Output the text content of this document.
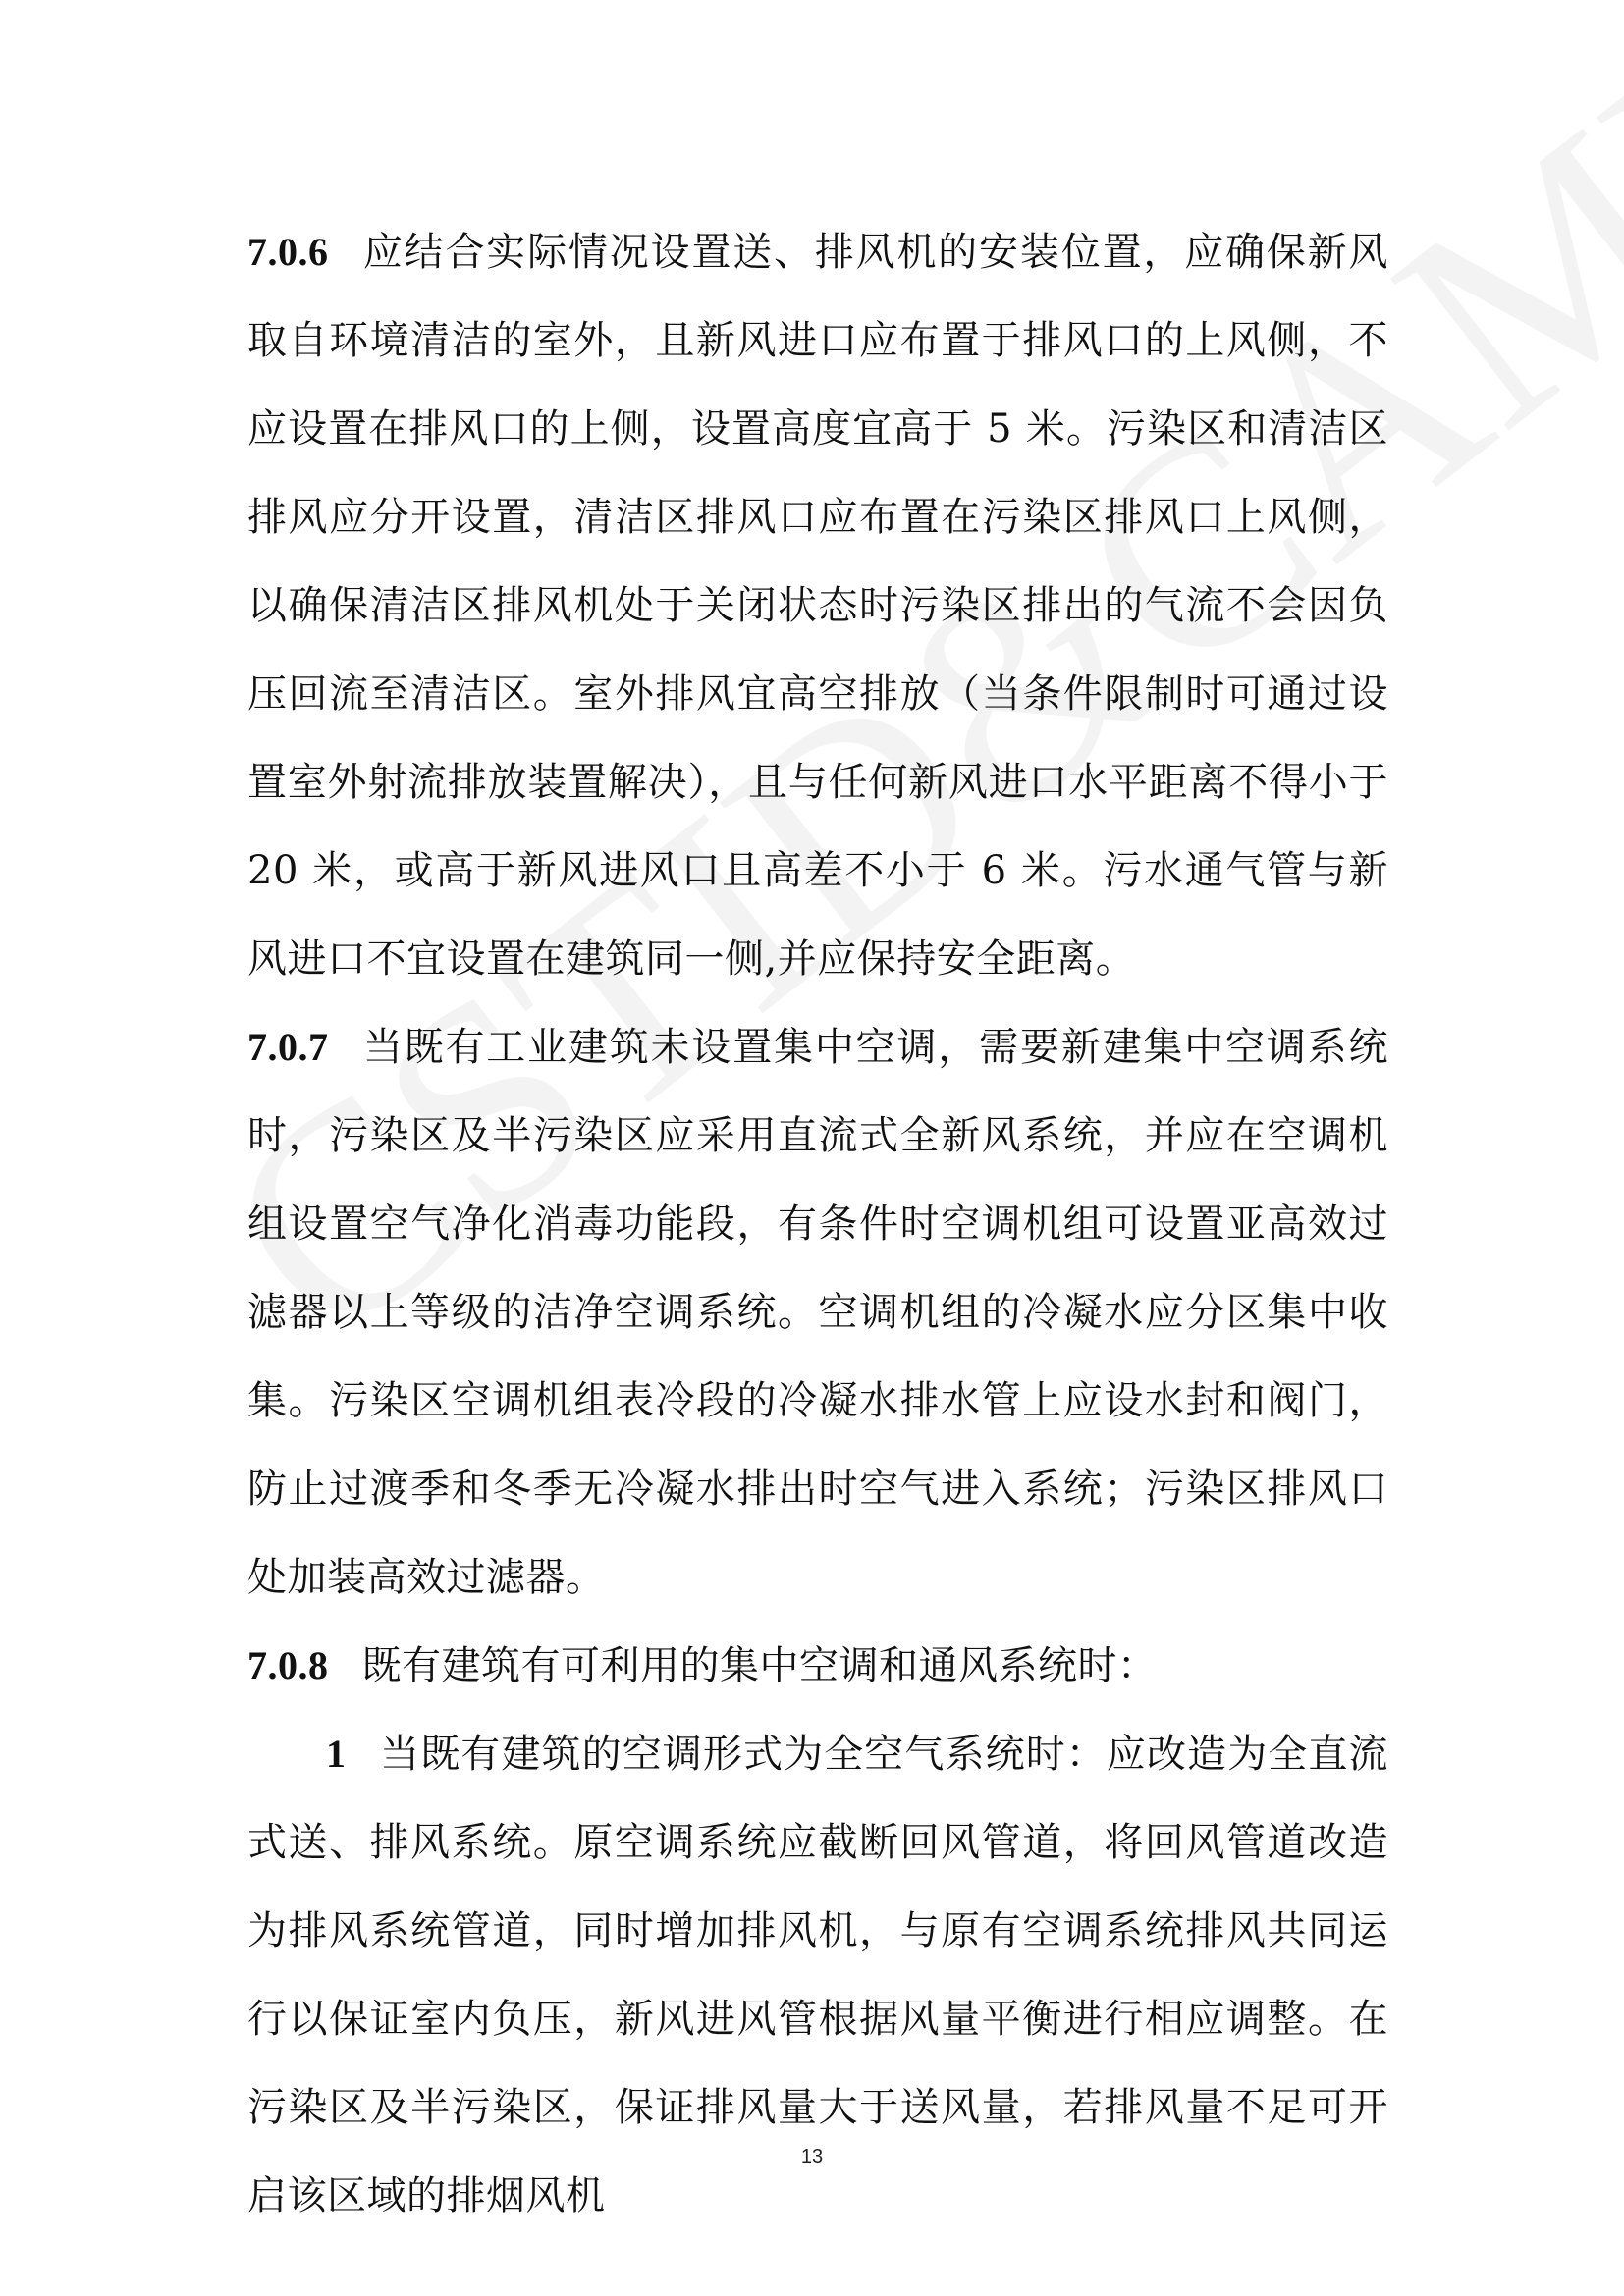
7.0.6 应结合实际情况设置送、排风机的安装位置，应确保新风取自环境清洁的室外，且新风进口应布置于排风口的上风侧，不应设置在排风口的上侧，设置高度宜高于 5 米。污染区和清洁区排风应分开设置，清洁区排风口应布置在污染区排风口上风侧，以确保清洁区排风机处于关闭状态时污染区排出的气流不会因负压回流至清洁区。室外排风宜高空排放（当条件限制时可通过设置室外射流排放装置解决），且与任何新风进口水平距离不得小于 20 米，或高于新风进风口且高差不小于 6 米。污水通气管与新风进口不宜设置在建筑同一侧,并应保持安全距离。

7.0.7 当既有工业建筑未设置集中空调，需要新建集中空调系统时，污染区及半污染区应采用直流式全新风系统，并应在空调机组设置空气净化消毒功能段，有条件时空调机组可设置亚高效过滤器以上等级的洁净空调系统。空调机组的冷凝水应分区集中收集。污染区空调机组表冷段的冷凝水排水管上应设水封和阀门，防止过渡季和冬季无冷凝水排出时空气进入系统；污染区排风口处加装高效过滤器。

7.0.8 既有建筑有可利用的集中空调和通风系统时：

1 当既有建筑的空调形式为全空气系统时：应改造为全直流式送、排风系统。原空调系统应截断回风管道，将回风管道改造为排风系统管道，同时增加排风机，与原有空调系统排风共同运行以保证室内负压，新风进风管根据风量平衡进行相应调整。在污染区及半污染区，保证排风量大于送风量，若排风量不足可开启该区域的排烟风机

13
